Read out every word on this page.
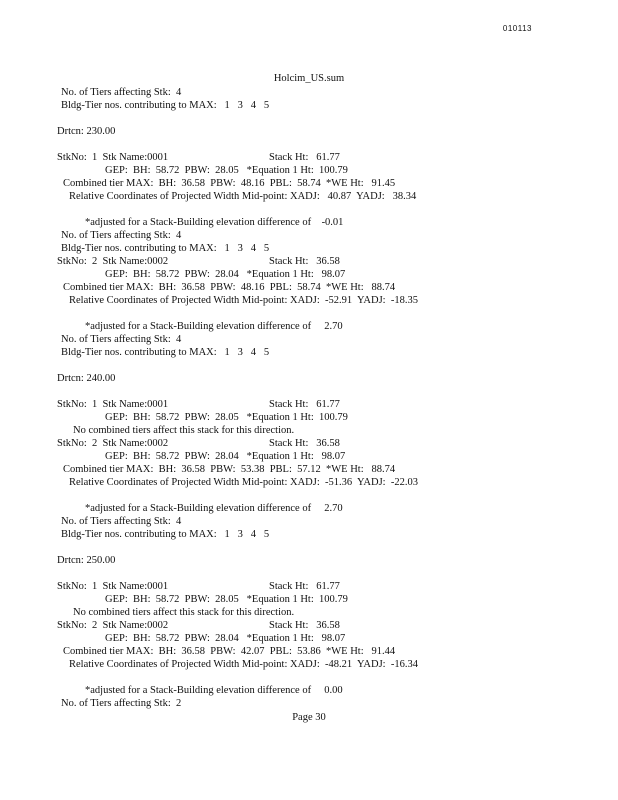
010113
Holcim_US.sum
No. of Tiers affecting Stk:  4
Bldg-Tier nos. contributing to MAX:   1   3   4   5
Drtcn: 230.00
StkNo:  1  Stk Name:0001	Stack Ht:   61.77
GEP:  BH:  58.72  PBW:  28.05   *Equation 1 Ht:  100.79
Combined tier MAX:  BH:  36.58  PBW:  48.16  PBL:  58.74  *WE Ht:   91.45
Relative Coordinates of Projected Width Mid-point: XADJ:   40.87  YADJ:   38.34
*adjusted for a Stack-Building elevation difference of    -0.01
No. of Tiers affecting Stk:  4
Bldg-Tier nos. contributing to MAX:   1   3   4   5
StkNo:  2  Stk Name:0002	Stack Ht:   36.58
GEP:  BH:  58.72  PBW:  28.04   *Equation 1 Ht:   98.07
Combined tier MAX:  BH:  36.58  PBW:  48.16  PBL:  58.74  *WE Ht:   88.74
Relative Coordinates of Projected Width Mid-point: XADJ:  -52.91  YADJ:  -18.35
*adjusted for a Stack-Building elevation difference of     2.70
No. of Tiers affecting Stk:  4
Bldg-Tier nos. contributing to MAX:   1   3   4   5
Drtcn: 240.00
StkNo:  1  Stk Name:0001	Stack Ht:   61.77
GEP:  BH:  58.72  PBW:  28.05   *Equation 1 Ht:  100.79
No combined tiers affect this stack for this direction.
StkNo:  2  Stk Name:0002	Stack Ht:   36.58
GEP:  BH:  58.72  PBW:  28.04   *Equation 1 Ht:   98.07
Combined tier MAX:  BH:  36.58  PBW:  53.38  PBL:  57.12  *WE Ht:   88.74
Relative Coordinates of Projected Width Mid-point: XADJ:  -51.36  YADJ:  -22.03
*adjusted for a Stack-Building elevation difference of     2.70
No. of Tiers affecting Stk:  4
Bldg-Tier nos. contributing to MAX:   1   3   4   5
Drtcn: 250.00
StkNo:  1  Stk Name:0001	Stack Ht:   61.77
GEP:  BH:  58.72  PBW:  28.05   *Equation 1 Ht:  100.79
No combined tiers affect this stack for this direction.
StkNo:  2  Stk Name:0002	Stack Ht:   36.58
GEP:  BH:  58.72  PBW:  28.04   *Equation 1 Ht:   98.07
Combined tier MAX:  BH:  36.58  PBW:  42.07  PBL:  53.86  *WE Ht:   91.44
Relative Coordinates of Projected Width Mid-point: XADJ:  -48.21  YADJ:  -16.34
*adjusted for a Stack-Building elevation difference of     0.00
No. of Tiers affecting Stk:  2
Page 30
